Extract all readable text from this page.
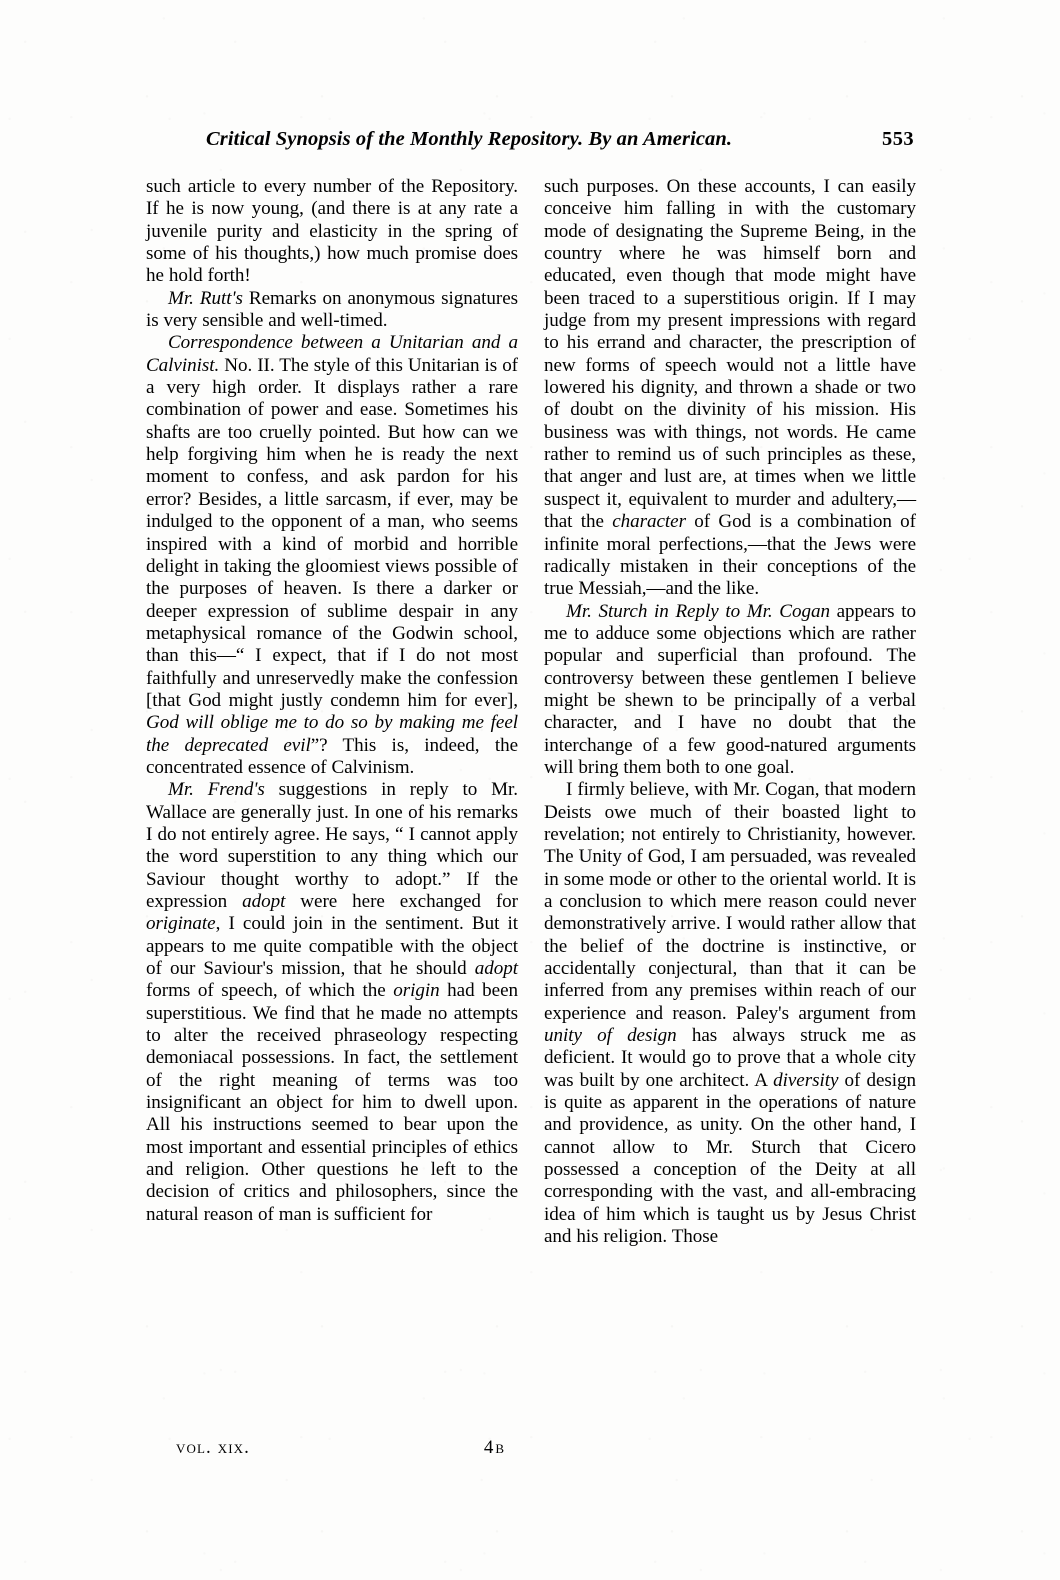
Critical Synopsis of the Monthly Repository. By an American.	553

such article to every number of the Repository. If he is now young, (and there is at any rate a juvenile purity and elasticity in the spring of some of his thoughts,) how much promise does he hold forth!

Mr. Rutt's Remarks on anonymous signatures is very sensible and well-timed.

Correspondence between a Unitarian and a Calvinist. No. II. The style of this Unitarian is of a very high order. It displays rather a rare combination of power and ease. Sometimes his shafts are too cruelly pointed. But how can we help forgiving him when he is ready the next moment to confess, and ask pardon for his error? Besides, a little sarcasm, if ever, may be indulged to the opponent of a man, who seems inspired with a kind of morbid and horrible delight in taking the gloomiest views possible of the purposes of heaven. Is there a darker or deeper expression of sublime despair in any metaphysical romance of the Godwin school, than this—“ I expect, that if I do not most faithfully and unreservedly make the confession [that God might justly condemn him for ever], God will oblige me to do so by making me feel the deprecated evil”? This is, indeed, the concentrated essence of Calvinism.

Mr. Frend's suggestions in reply to Mr. Wallace are generally just. In one of his remarks I do not entirely agree. He says, “ I cannot apply the word superstition to any thing which our Saviour thought worthy to adopt.” If the expression adopt were here exchanged for originate, I could join in the sentiment. But it appears to me quite compatible with the object of our Saviour's mission, that he should adopt forms of speech, of which the origin had been superstitious. We find that he made no attempts to alter the received phraseology respecting demoniacal possessions. In fact, the settlement of the right meaning of terms was too insignificant an object for him to dwell upon. All his instructions seemed to bear upon the most important and essential principles of ethics and religion. Other questions he left to the decision of critics and philosophers, since the natural reason of man is sufficient for

such purposes. On these accounts, I can easily conceive him falling in with the customary mode of designating the Supreme Being, in the country where he was himself born and educated, even though that mode might have been traced to a superstitious origin. If I may judge from my present impressions with regard to his errand and character, the prescription of new forms of speech would not a little have lowered his dignity, and thrown a shade or two of doubt on the divinity of his mission. His business was with things, not words. He came rather to remind us of such principles as these, that anger and lust are, at times when we little suspect it, equivalent to murder and adultery,—that the character of God is a combination of infinite moral perfections,—that the Jews were radically mistaken in their conceptions of the true Messiah,—and the like.

Mr. Sturch in Reply to Mr. Cogan appears to me to adduce some objections which are rather popular and superficial than profound. The controversy between these gentlemen I believe might be shewn to be principally of a verbal character, and I have no doubt that the interchange of a few good-natured arguments will bring them both to one goal.

I firmly believe, with Mr. Cogan, that modern Deists owe much of their boasted light to revelation; not entirely to Christianity, however. The Unity of God, I am persuaded, was revealed in some mode or other to the oriental world. It is a conclusion to which mere reason could never demonstratively arrive. I would rather allow that the belief of the doctrine is instinctive, or accidentally conjectural, than that it can be inferred from any premises within reach of our experience and reason. Paley's argument from unity of design has always struck me as deficient. It would go to prove that a whole city was built by one architect. A diversity of design is quite as apparent in the operations of nature and providence, as unity. On the other hand, I cannot allow to Mr. Sturch that Cicero possessed a conception of the Deity at all corresponding with the vast, and all-embracing idea of him which is taught us by Jesus Christ and his religion. Those

vol. xix.	4b
